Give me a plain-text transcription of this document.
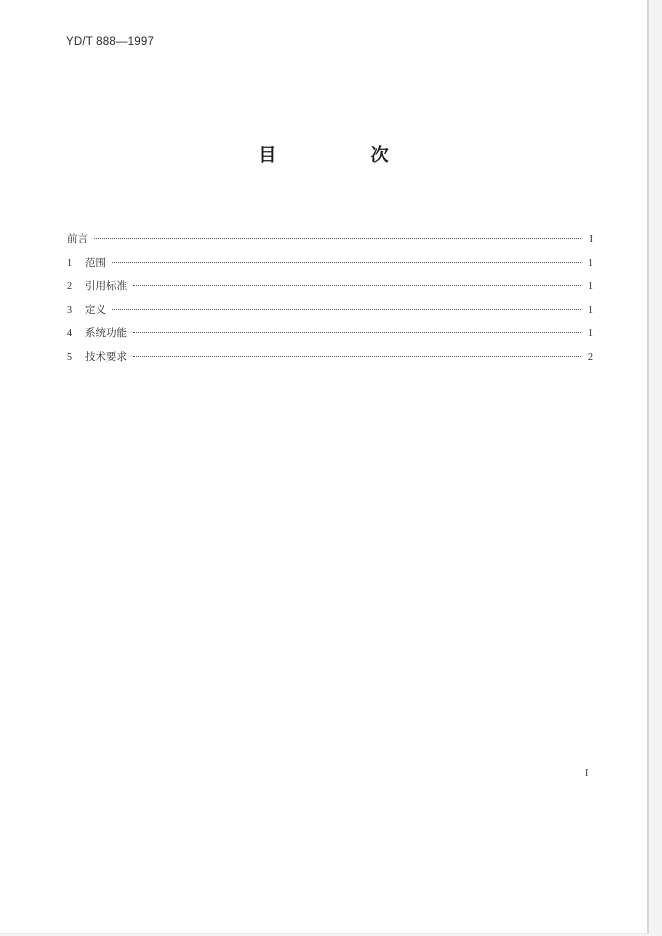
YD/T 888—1997
目 次
前言	I
1	范围	1
2	引用标准	1
3	定义	1
4	系统功能	1
5	技术要求	2
I
